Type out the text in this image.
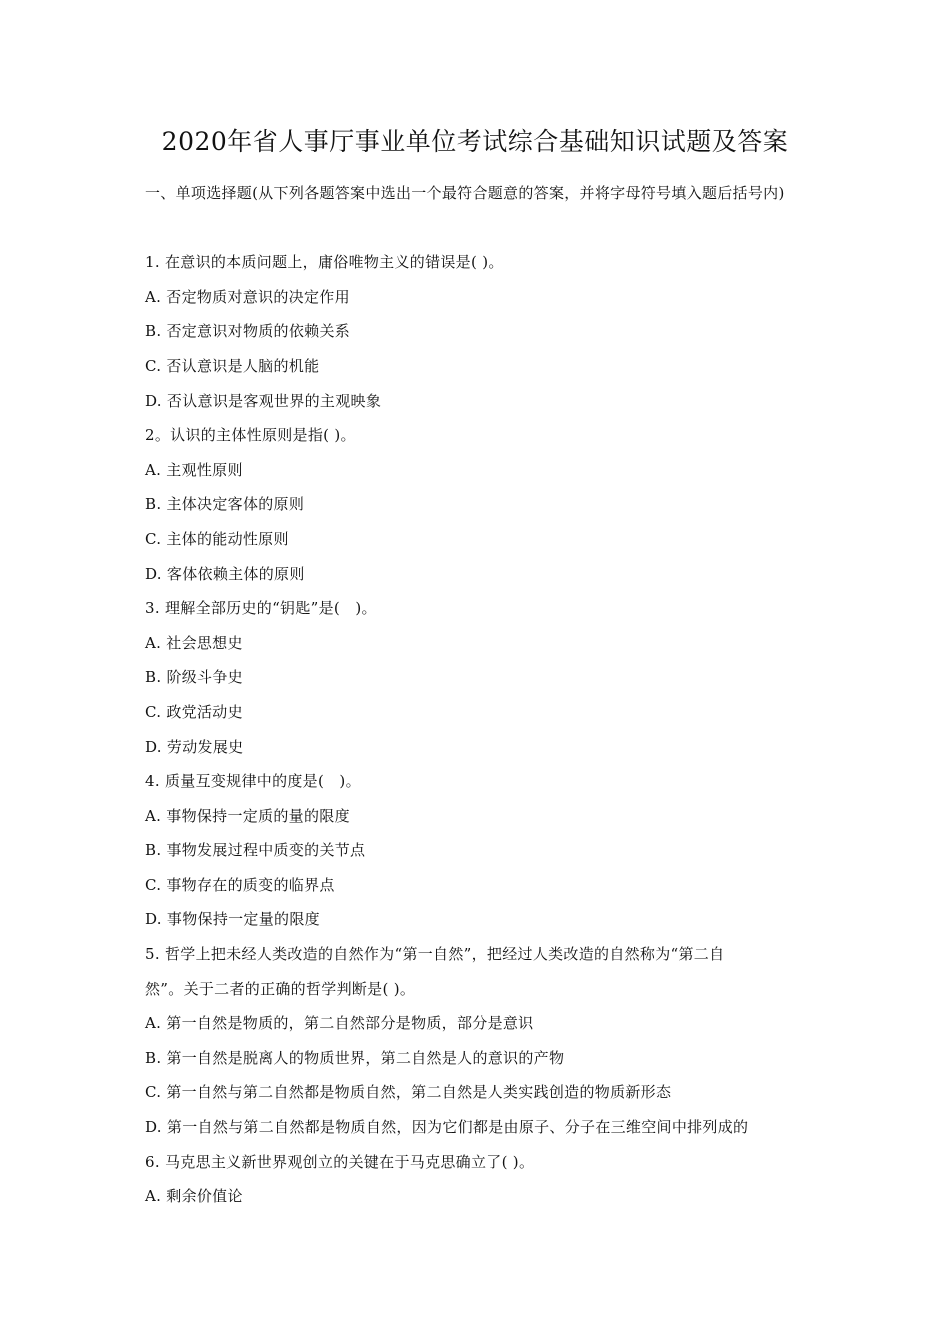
2020年省人事厅事业单位考试综合基础知识试题及答案
一、单项选择题(从下列各题答案中选出一个最符合题意的答案，并将字母符号填入题后括号内)
1. 在意识的本质问题上，庸俗唯物主义的错误是( )。
A. 否定物质对意识的决定作用
B. 否定意识对物质的依赖关系
C. 否认意识是人脑的机能
D. 否认意识是客观世界的主观映象
2。认识的主体性原则是指( )。
A. 主观性原则
B. 主体决定客体的原则
C. 主体的能动性原则
D. 客体依赖主体的原则
3. 理解全部历史的“钥匙”是(　)。
A. 社会思想史
B. 阶级斗争史
C. 政党活动史
D. 劳动发展史
4. 质量互变规律中的度是(　)。
A. 事物保持一定质的量的限度
B. 事物发展过程中质变的关节点
C. 事物存在的质变的临界点
D. 事物保持一定量的限度
5. 哲学上把未经人类改造的自然作为“第一自然”，把经过人类改造的自然称为“第二自
然”。关于二者的正确的哲学判断是( )。
A. 第一自然是物质的，第二自然部分是物质，部分是意识
B. 第一自然是脱离人的物质世界，第二自然是人的意识的产物
C. 第一自然与第二自然都是物质自然，第二自然是人类实践创造的物质新形态
D. 第一自然与第二自然都是物质自然，因为它们都是由原子、分子在三维空间中排列成的
6. 马克思主义新世界观创立的关键在于马克思确立了( )。
A. 剩余价值论
